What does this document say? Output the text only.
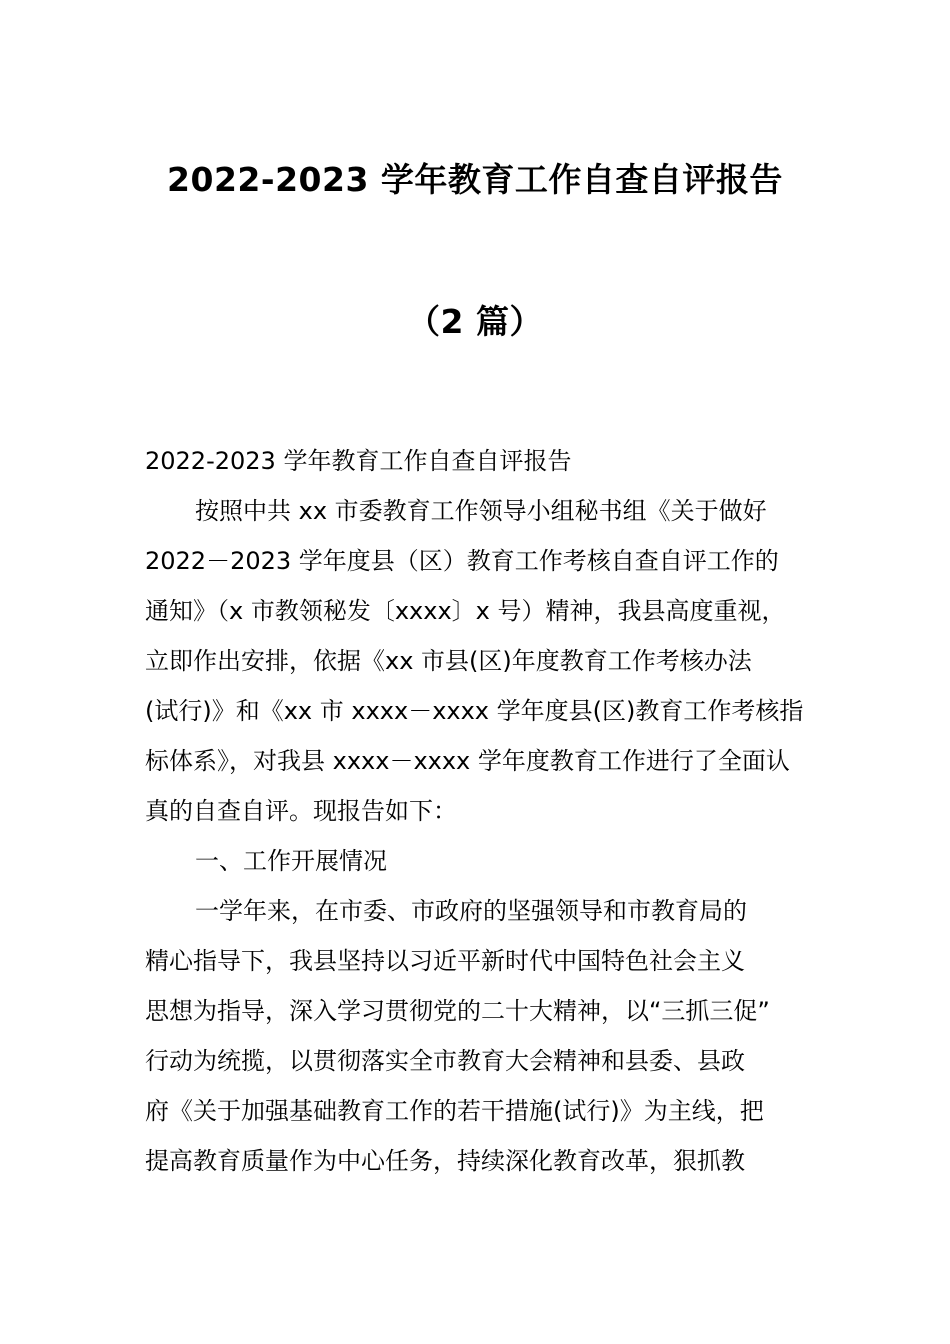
2022-2023 学年教育工作自查自评报告
（2 篇）
2022-2023 学年教育工作自查自评报告
按照中共 xx 市委教育工作领导小组秘书组《关于做好
2022－2023 学年度县（区）教育工作考核自查自评工作的
通知》（x 市教领秘发〔xxxx〕x 号）精神，我县高度重视，
立即作出安排，依据《xx 市县(区)年度教育工作考核办法
(试行)》和《xx 市 xxxx－xxxx 学年度县(区)教育工作考核指
标体系》，对我县 xxxx－xxxx 学年度教育工作进行了全面认
真的自查自评。现报告如下：
一、工作开展情况
一学年来，在市委、市政府的坚强领导和市教育局的
精心指导下，我县坚持以习近平新时代中国特色社会主义
思想为指导，深入学习贯彻党的二十大精神，以“三抓三促”
行动为统揽，以贯彻落实全市教育大会精神和县委、县政
府《关于加强基础教育工作的若干措施(试行)》为主线，把
提高教育质量作为中心任务，持续深化教育改革，狠抓教
